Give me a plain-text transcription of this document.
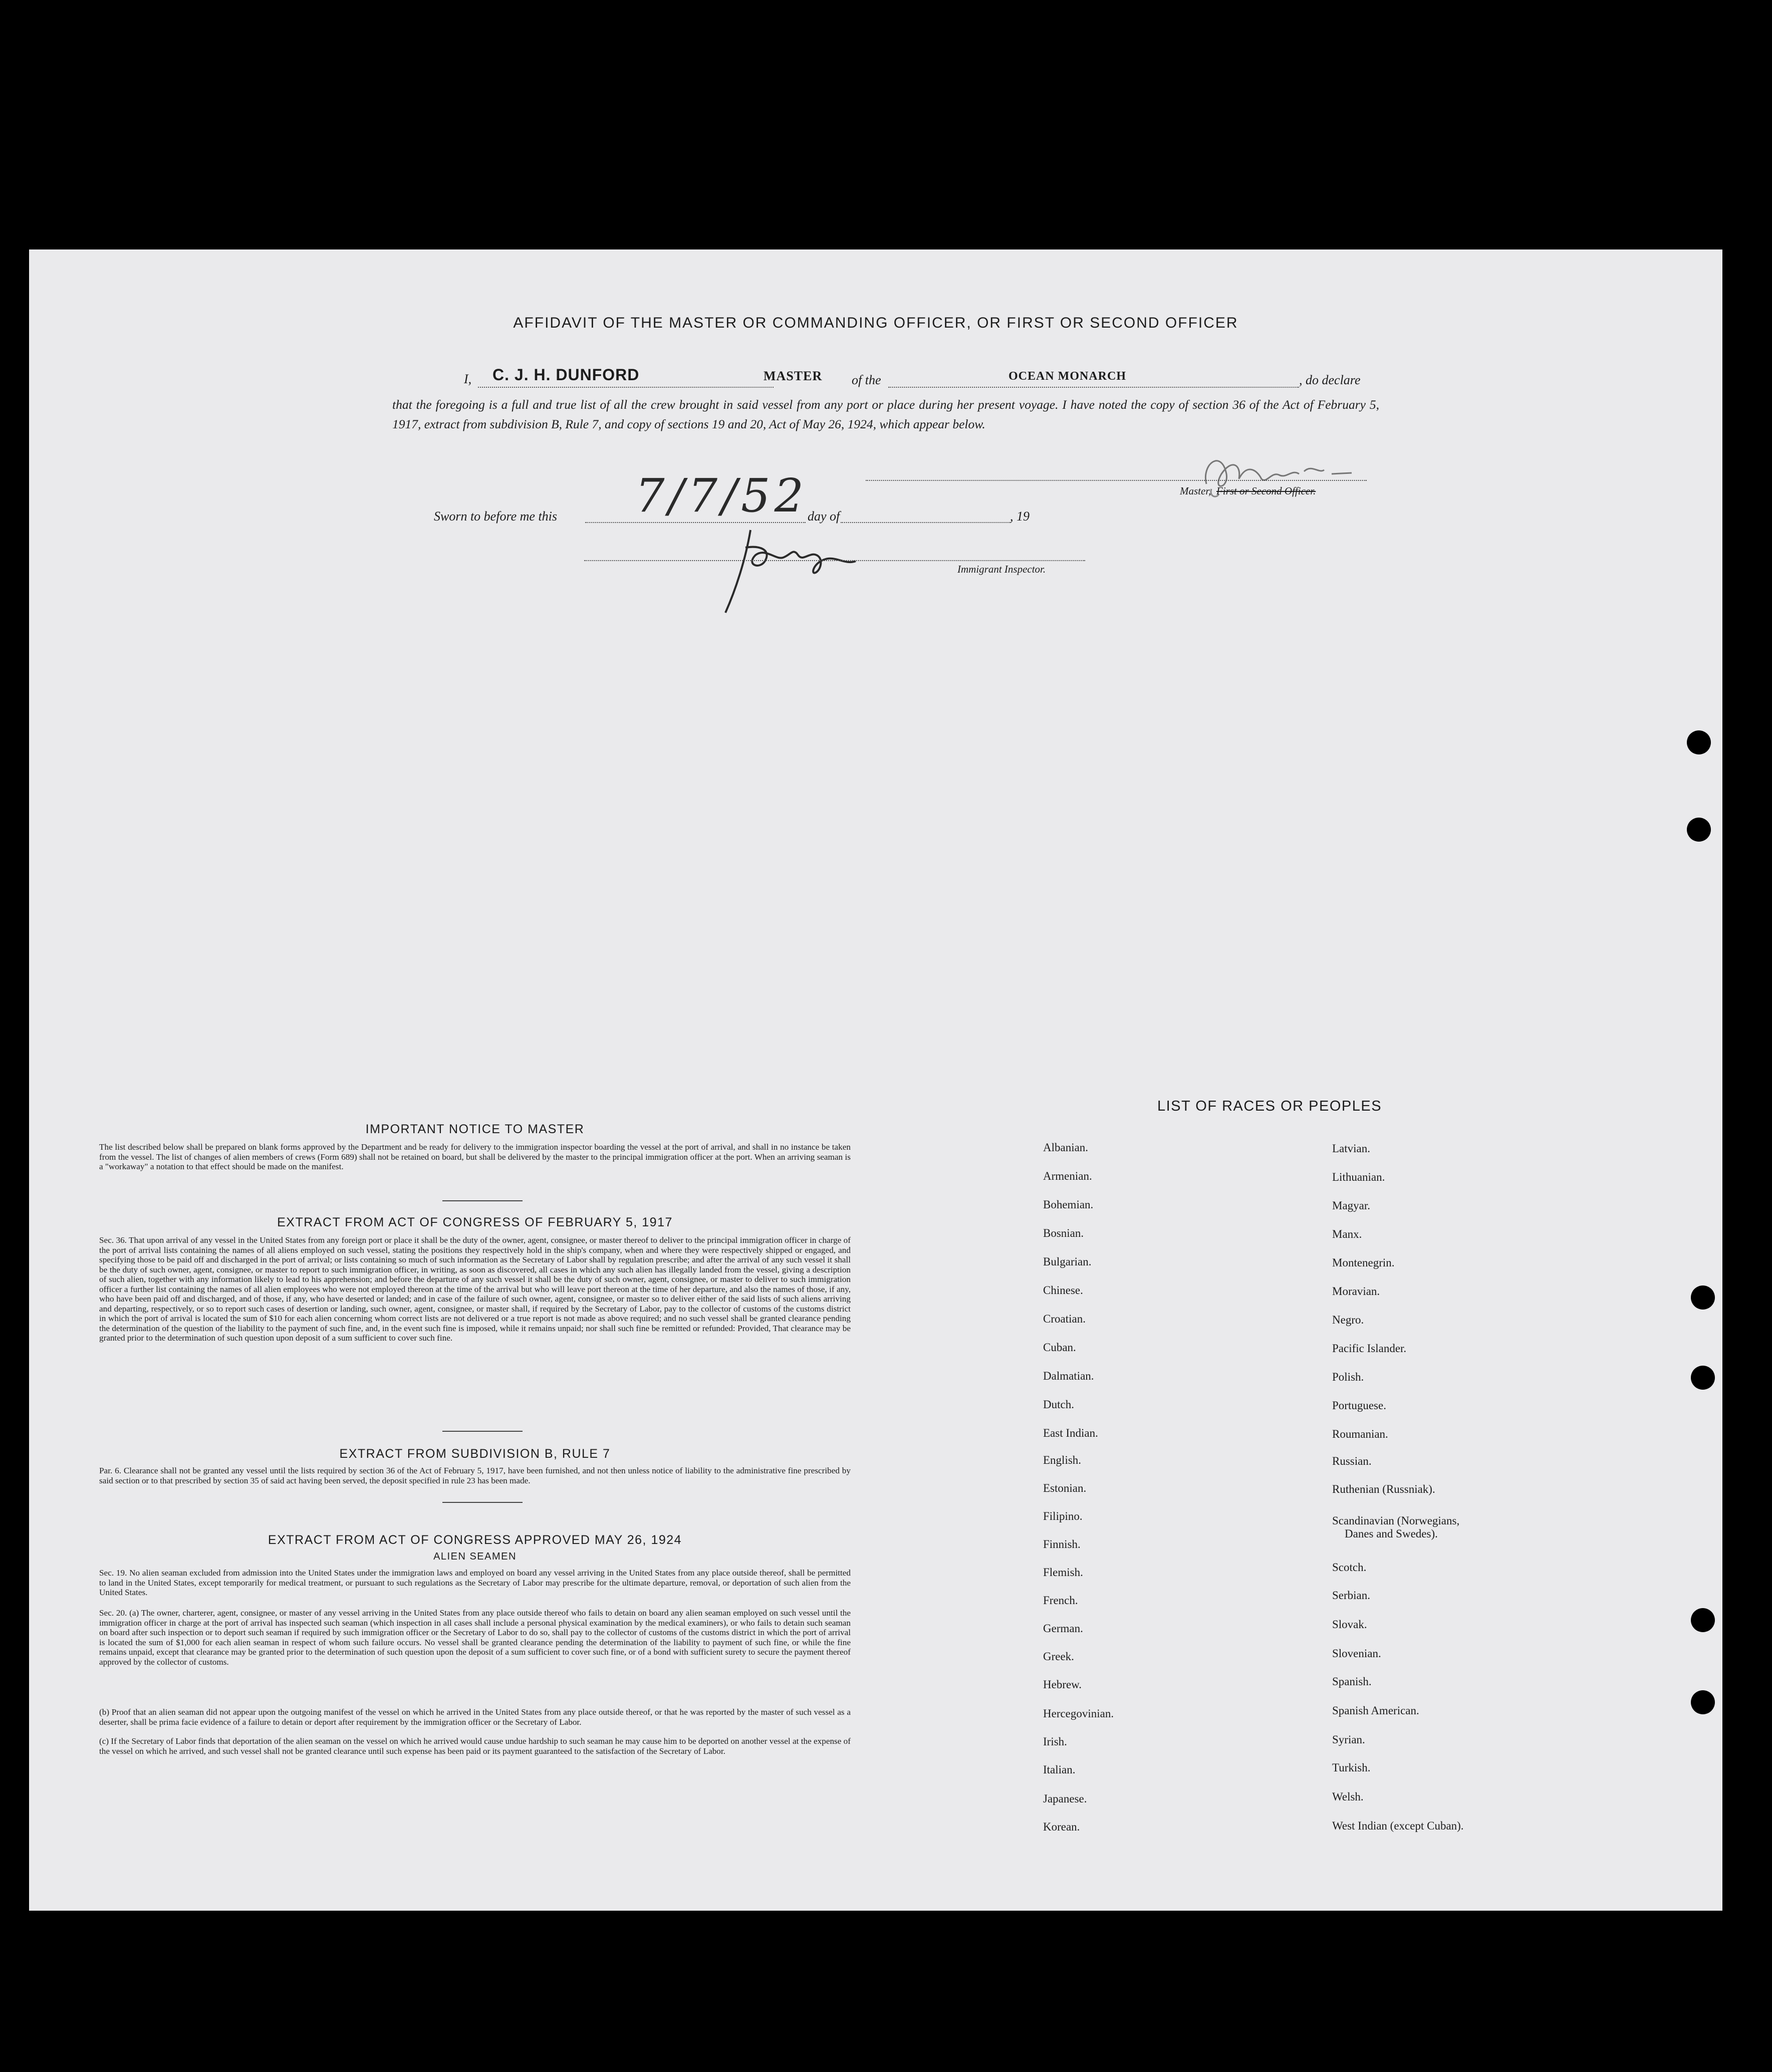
AFFIDAVIT OF THE MASTER OR COMMANDING OFFICER, OR FIRST OR SECOND OFFICER
I, C. J. H. DUNFORD	MASTER of the	OCEAN MONARCH	, do declare
that the foregoing is a full and true list of all the crew brought in said vessel from any port or place during her present voyage. I have noted the copy of section 36 of the Act of February 5, 1917, extract from subdivision B, Rule 7, and copy of sections 19 and 20, Act of May 26, 1924, which appear below.
Master, First or Second Officer.
Sworn to before me this 7/7/52 day of	, 19
Immigrant Inspector.
IMPORTANT NOTICE TO MASTER
The list described below shall be prepared on blank forms approved by the Department and be ready for delivery to the immigration inspector boarding the vessel at the port of arrival, and shall in no instance be taken from the vessel. The list of changes of alien members of crews (Form 689) shall not be retained on board, but shall be delivered by the master to the principal immigration officer at the port. When an arriving seaman is a "workaway" a notation to that effect should be made on the manifest.
EXTRACT FROM ACT OF CONGRESS OF FEBRUARY 5, 1917
Sec. 36. That upon arrival of any vessel in the United States from any foreign port or place it shall be the duty of the owner, agent, consignee, or master thereof to deliver to the principal immigration officer in charge of the port of arrival lists containing the names of all aliens employed on such vessel, stating the positions they respectively hold in the ship's company, when and where they were respectively shipped or engaged, and specifying those to be paid off and discharged in the port of arrival; or lists containing so much of such information as the Secretary of Labor shall by regulation prescribe; and after the arrival of any such vessel it shall be the duty of such owner, agent, consignee, or master to report to such immigration officer, in writing, as soon as discovered, all cases in which any such alien has illegally landed from the vessel, giving a description of such alien, together with any information likely to lead to his apprehension; and before the departure of any such vessel it shall be the duty of such owner, agent, consignee, or master to deliver to such immigration officer a further list containing the names of all alien employees who were not employed thereon at the time of the arrival but who will leave port thereon at the time of her departure, and also the names of those, if any, who have been paid off and discharged, and of those, if any, who have deserted or landed; and in case of the failure of such owner, agent, consignee, or master so to deliver either of the said lists of such aliens arriving and departing, respectively, or so to report such cases of desertion or landing, such owner, agent, consignee, or master shall, if required by the Secretary of Labor, pay to the collector of customs of the customs district in which the port of arrival is located the sum of $10 for each alien concerning whom correct lists are not delivered or a true report is not made as above required; and no such vessel shall be granted clearance pending the determination of the question of the liability to the payment of such fine, and, in the event such fine is imposed, while it remains unpaid; nor shall such fine be remitted or refunded: Provided, That clearance may be granted prior to the determination of such question upon deposit of a sum sufficient to cover such fine.
EXTRACT FROM SUBDIVISION B, RULE 7
Par. 6. Clearance shall not be granted any vessel until the lists required by section 36 of the Act of February 5, 1917, have been furnished, and not then unless notice of liability to the administrative fine prescribed by said section or to that prescribed by section 35 of said act having been served, the deposit specified in rule 23 has been made.
EXTRACT FROM ACT OF CONGRESS APPROVED MAY 26, 1924
ALIEN SEAMEN
Sec. 19. No alien seaman excluded from admission into the United States under the immigration laws and employed on board any vessel arriving in the United States from any place outside thereof, shall be permitted to land in the United States, except temporarily for medical treatment, or pursuant to such regulations as the Secretary of Labor may prescribe for the ultimate departure, removal, or deportation of such alien from the United States.
Sec. 20. (a) The owner, charterer, agent, consignee, or master of any vessel arriving in the United States from any place outside thereof who fails to detain on board any alien seaman employed on such vessel until the immigration officer in charge at the port of arrival has inspected such seaman (which inspection in all cases shall include a personal physical examination by the medical examiners), or who fails to detain such seaman on board after such inspection or to deport such seaman if required by such immigration officer or the Secretary of Labor to do so, shall pay to the collector of customs of the customs district in which the port of arrival is located the sum of $1,000 for each alien seaman in respect of whom such failure occurs. No vessel shall be granted clearance pending the determination of the liability to payment of such fine, or while the fine remains unpaid, except that clearance may be granted prior to the determination of such question upon the deposit of a sum sufficient to cover such fine, or of a bond with sufficient surety to secure the payment thereof approved by the collector of customs.
(b) Proof that an alien seaman did not appear upon the outgoing manifest of the vessel on which he arrived in the United States from any place outside thereof, or that he was reported by the master of such vessel as a deserter, shall be prima facie evidence of a failure to detain or deport after requirement by the immigration officer or the Secretary of Labor.
(c) If the Secretary of Labor finds that deportation of the alien seaman on the vessel on which he arrived would cause undue hardship to such seaman he may cause him to be deported on another vessel at the expense of the vessel on which he arrived, and such vessel shall not be granted clearance until such expense has been paid or its payment guaranteed to the satisfaction of the Secretary of Labor.
LIST OF RACES OR PEOPLES
Albanian.
Armenian.
Bohemian.
Bosnian.
Bulgarian.
Chinese.
Croatian.
Cuban.
Dalmatian.
Dutch.
East Indian.
English.
Estonian.
Filipino.
Finnish.
Flemish.
French.
German.
Greek.
Hebrew.
Hercegovinian.
Irish.
Italian.
Japanese.
Korean.
Latvian.
Lithuanian.
Magyar.
Manx.
Montenegrin.
Moravian.
Negro.
Pacific Islander.
Polish.
Portuguese.
Roumanian.
Russian.
Ruthenian (Russniak).
Scandinavian (Norwegians,
Danes and Swedes).
Scotch.
Serbian.
Slovak.
Slovenian.
Spanish.
Spanish American.
Syrian.
Turkish.
Welsh.
West Indian (except Cuban).
